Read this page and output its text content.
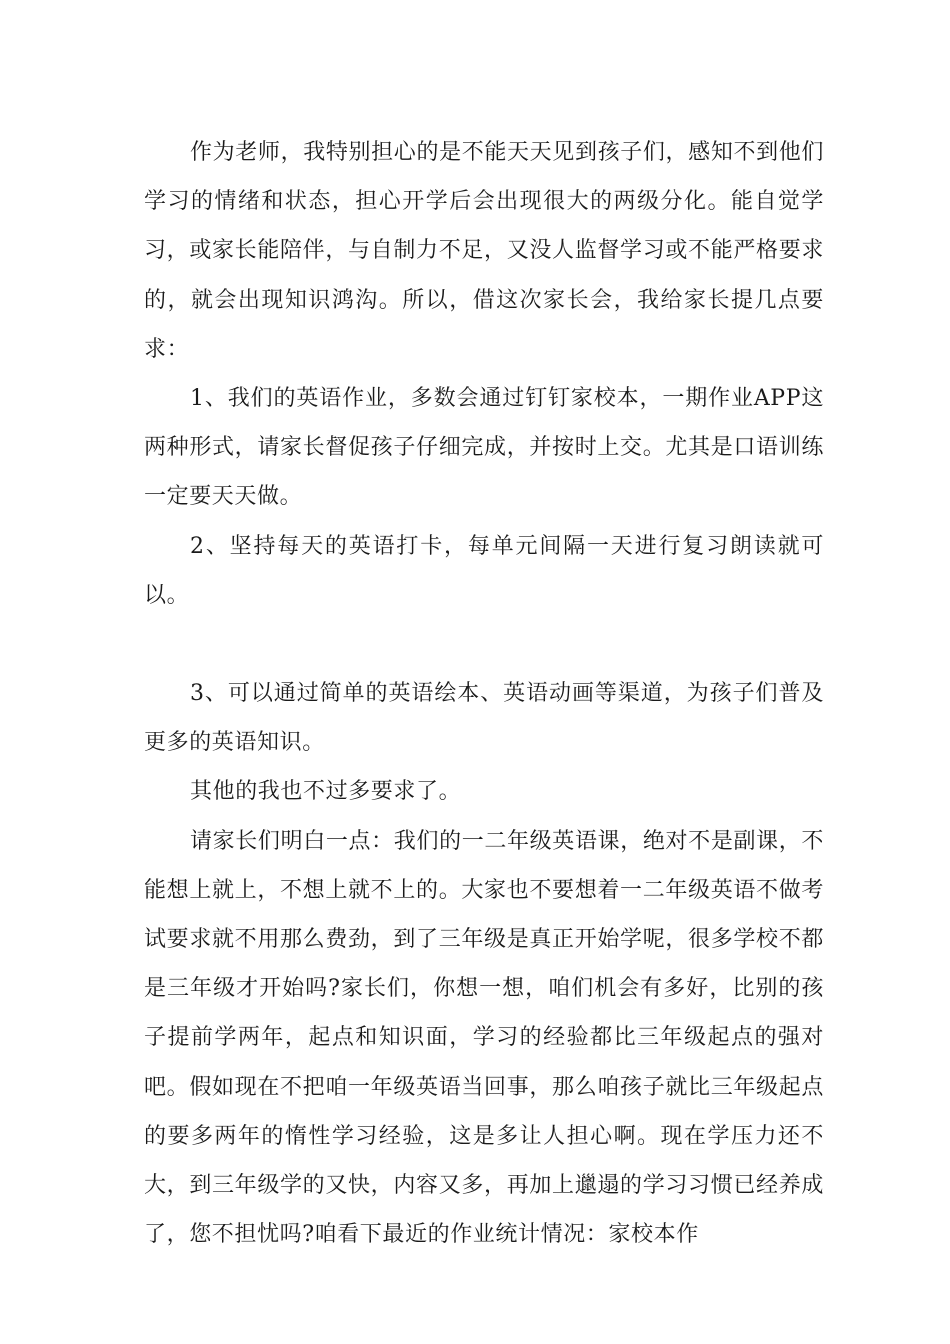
作为老师，我特别担心的是不能天天见到孩子们，感知不到他们学习的情绪和状态，担心开学后会出现很大的两级分化。能自觉学习，或家长能陪伴，与自制力不足，又没人监督学习或不能严格要求的，就会出现知识鸿沟。所以，借这次家长会，我给家长提几点要求：

1、我们的英语作业，多数会通过钉钉家校本，一期作业APP这两种形式，请家长督促孩子仔细完成，并按时上交。尤其是口语训练一定要天天做。

2、坚持每天的英语打卡，每单元间隔一天进行复习朗读就可以。

3、可以通过简单的英语绘本、英语动画等渠道，为孩子们普及更多的英语知识。

其他的我也不过多要求了。

请家长们明白一点：我们的一二年级英语课，绝对不是副课，不能想上就上，不想上就不上的。大家也不要想着一二年级英语不做考试要求就不用那么费劲，到了三年级是真正开始学呢，很多学校不都是三年级才开始吗?家长们，你想一想，咱们机会有多好，比别的孩子提前学两年，起点和知识面，学习的经验都比三年级起点的强对吧。假如现在不把咱一年级英语当回事，那么咱孩子就比三年级起点的要多两年的惰性学习经验，这是多让人担心啊。现在学压力还不大，到三年级学的又快，内容又多，再加上邋遢的学习习惯已经养成了，您不担忧吗?咱看下最近的作业统计情况：家校本作
